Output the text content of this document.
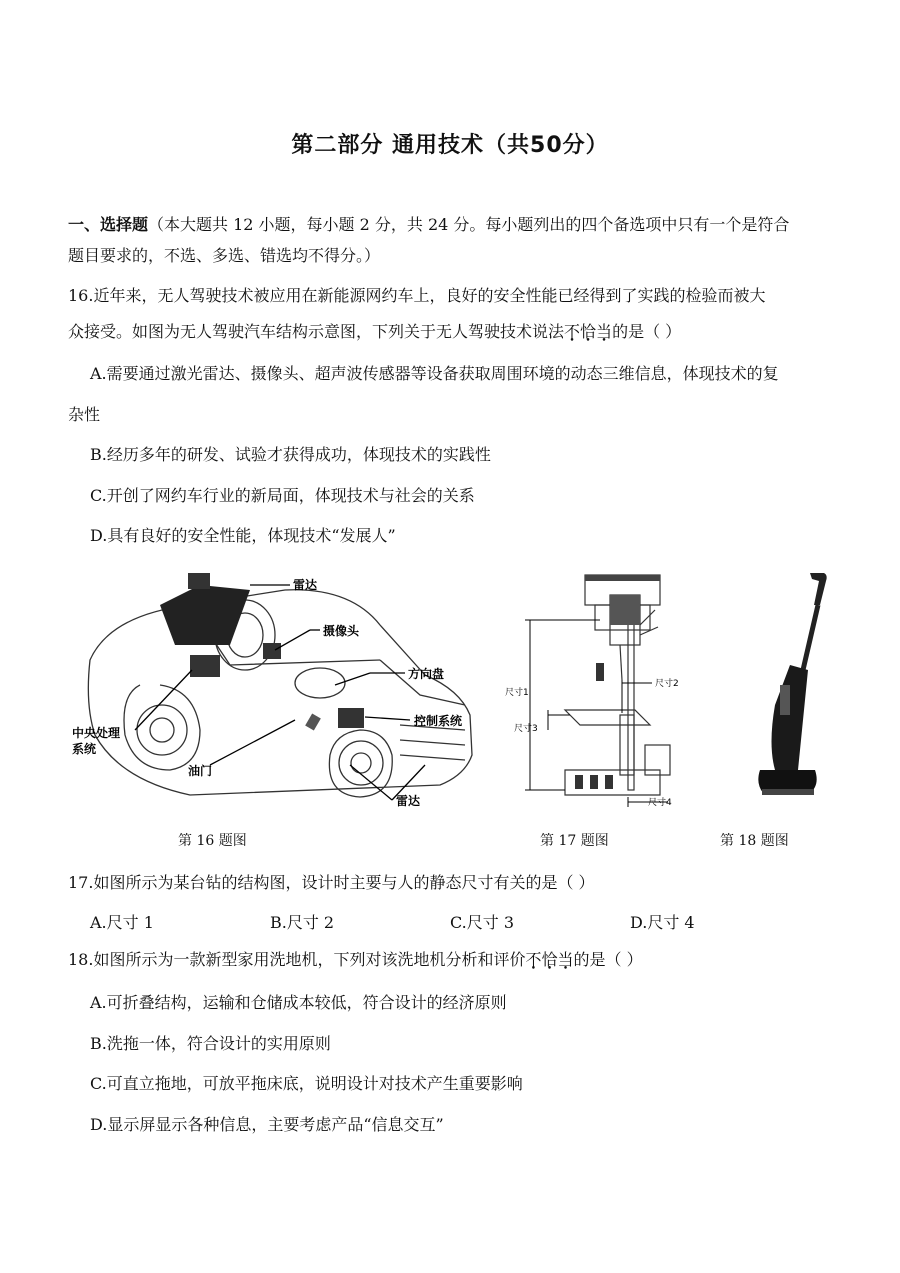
第二部分 通用技术（共50分）
一、选择题（本大题共 12 小题，每小题 2 分，共 24 分。每小题列出的四个备选项中只有一个是符合
题目要求的，不选、多选、错选均不得分。）
16.近年来，无人驾驶技术被应用在新能源网约车上，良好的安全性能已经得到了实践的检验而被大
众接受。如图为无人驾驶汽车结构示意图，下列关于无人驾驶技术说法不恰当的是（ ）
A.需要通过激光雷达、摄像头、超声波传感器等设备获取周围环境的动态三维信息，体现技术的复
杂性
B.经历多年的研发、试验才获得成功，体现技术的实践性
C.开创了网约车行业的新局面，体现技术与社会的关系
D.具有良好的安全性能，体现技术“发展人”
雷达
摄像头
方向盘
控制系统
中央处理
系统
油门
雷达
尺寸1
尺寸2
尺寸3
尺寸4
第 16 题图	第 17 题图	第 18 题图
17.如图所示为某台钻的结构图，设计时主要与人的静态尺寸有关的是（ ）
A.尺寸 1	B.尺寸 2	C.尺寸 3	D.尺寸 4
18.如图所示为一款新型家用洗地机，下列对该洗地机分析和评价不恰当的是（ ）
A.可折叠结构，运输和仓储成本较低，符合设计的经济原则
B.洗拖一体，符合设计的实用原则
C.可直立拖地，可放平拖床底，说明设计对技术产生重要影响
D.显示屏显示各种信息，主要考虑产品“信息交互”
